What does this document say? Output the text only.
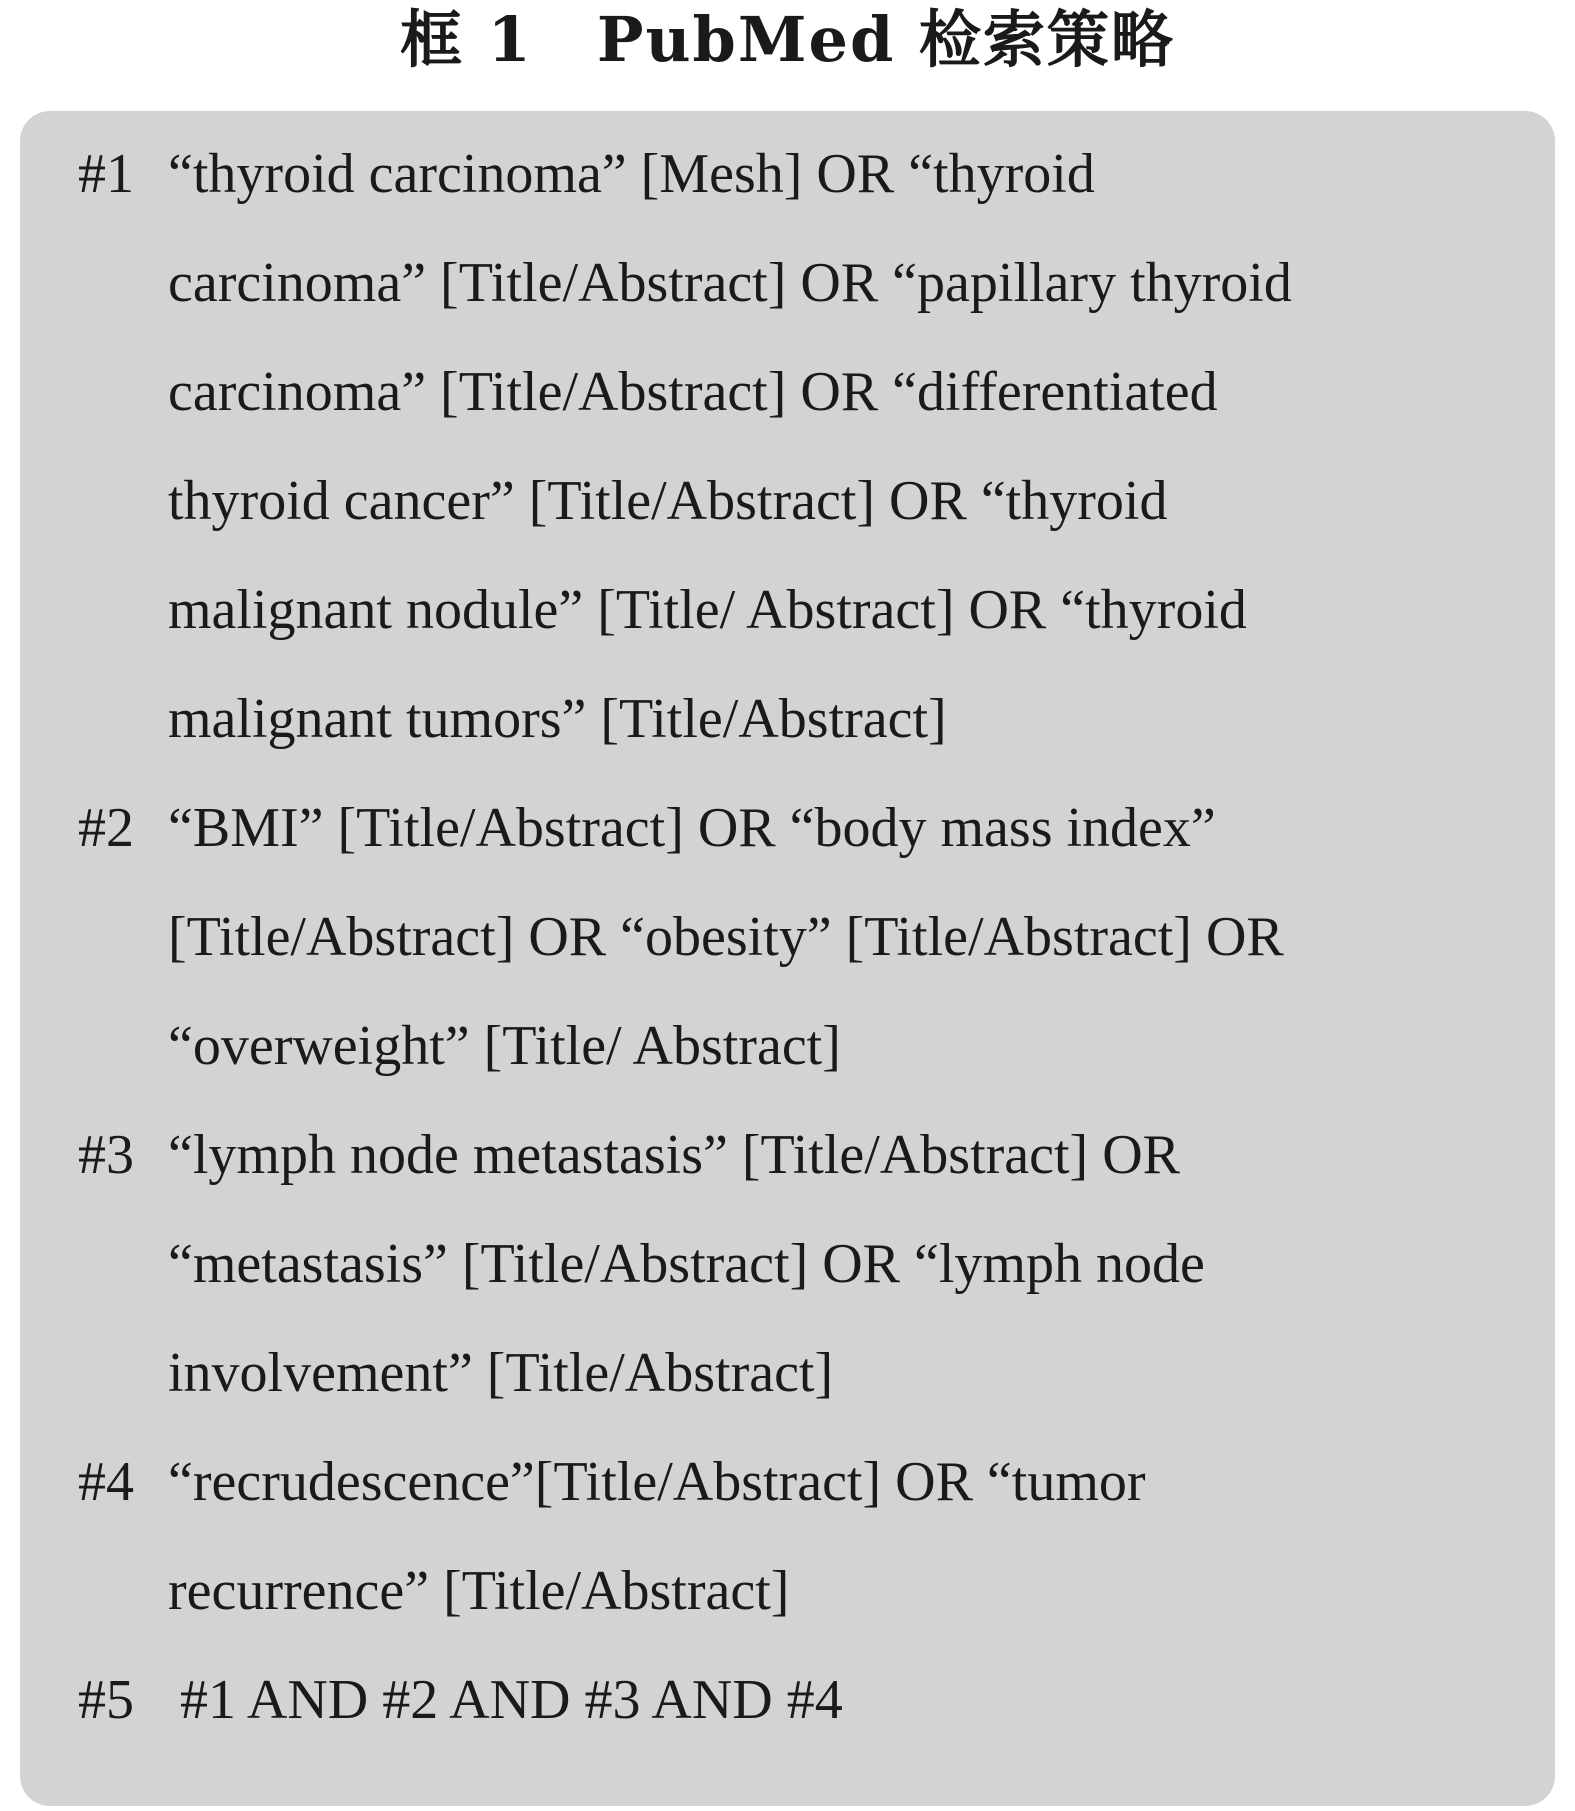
框 1　PubMed 检索策略
#1 “thyroid carcinoma” [Mesh] OR “thyroid
carcinoma” [Title/Abstract] OR “papillary thyroid
carcinoma” [Title/Abstract] OR “differentiated
thyroid cancer” [Title/Abstract] OR “thyroid
malignant nodule” [Title/ Abstract] OR “thyroid
malignant tumors” [Title/Abstract]
#2 “BMI” [Title/Abstract] OR “body mass index”
[Title/Abstract] OR “obesity” [Title/Abstract] OR
“overweight” [Title/ Abstract]
#3 “lymph node metastasis” [Title/Abstract] OR
“metastasis” [Title/Abstract] OR “lymph node
involvement” [Title/Abstract]
#4 “recrudescence”[Title/Abstract] OR “tumor
recurrence” [Title/Abstract]
#5 #1 AND #2 AND #3 AND #4
